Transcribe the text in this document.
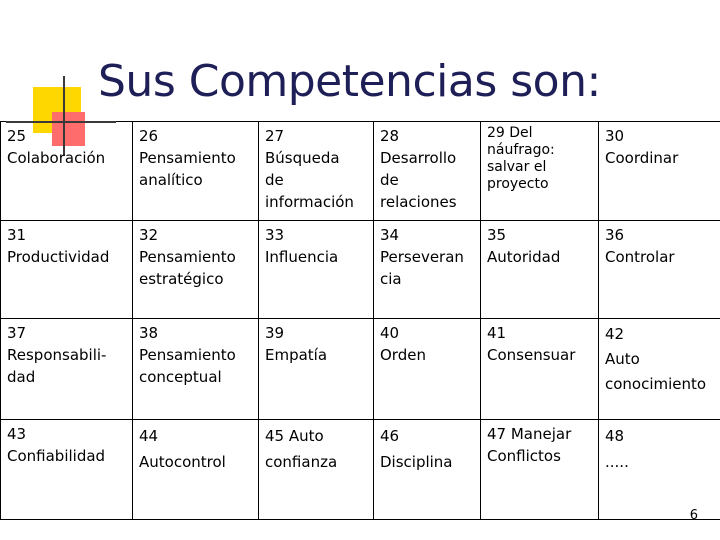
Sus Competencias son:
25
Colaboración	26
Pensamiento
analítico	27
Búsqueda
de
información	28
Desarrollo
de
relaciones	29 Del
náufrago:
salvar el
proyecto	30
Coordinar
31
Productividad	32
Pensamiento
estratégico	33
Influencia	34
Perseveran
cia	35
Autoridad	36
Controlar
37
Responsabili-
dad	38
Pensamiento
conceptual	39
Empatía	40
Orden	41
Consensuar	42
Auto
conocimiento
43
Confiabilidad	44
Autocontrol	45 Auto
confianza	46
Disciplina	47 Manejar
Conflictos	48
.....
6
